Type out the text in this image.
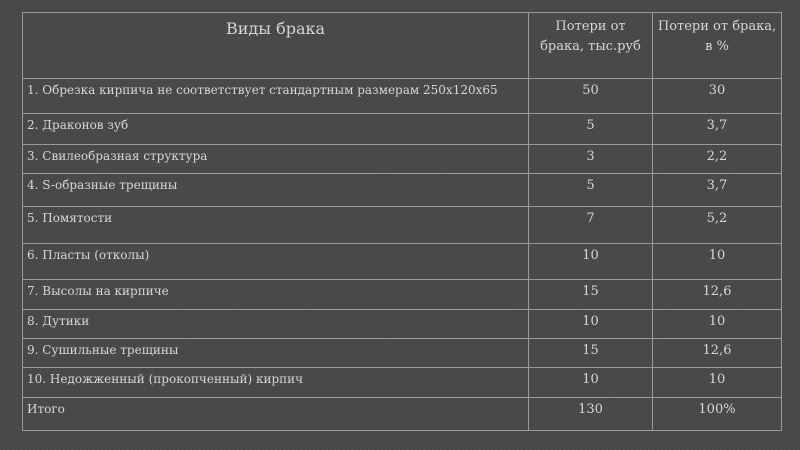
Виды брака	Потери от брака, тыс.руб	Потери от брака, в %
1. Обрезка кирпича не соответствует стандартным размерам 250х120х65	50	30
2. Драконов зуб	5	3,7
3. Свилеобразная структура	3	2,2
4. S-образные трещины	5	3,7
5. Помятости	7	5,2
6. Пласты (отколы)	10	10
7. Высолы на кирпиче	15	12,6
8. Дутики	10	10
9. Сушильные трещины	15	12,6
10. Недожженный (прокопченный) кирпич	10	10
Итого	130	100%
